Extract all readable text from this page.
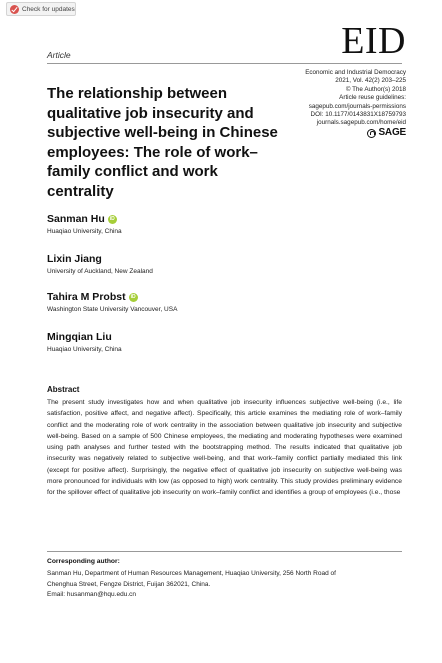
Check for updates
EID
Article
Economic and Industrial Democracy
2021, Vol. 42(2) 203–225
© The Author(s) 2018
Article reuse guidelines:
sagepub.com/journals-permissions
DOI: 10.1177/0143831X18759793
journals.sagepub.com/home/eid
SAGE
The relationship between qualitative job insecurity and subjective well-being in Chinese employees: The role of work–family conflict and work centrality
Sanman Hu	iD
Huaqiao University, China
Lixin Jiang
University of Auckland, New Zealand
Tahira M Probst	iD
Washington State University Vancouver, USA
Mingqian Liu
Huaqiao University, China
Abstract

The present study investigates how and when qualitative job insecurity influences subjective well-being (i.e., life satisfaction, positive affect, and negative affect). Specifically, this article examines the mediating role of work–family conflict and the moderating role of work centrality in the association between qualitative job insecurity and subjective well-being. Based on a sample of 500 Chinese employees, the mediating and moderating hypotheses were examined using path analyses and further tested with the bootstrapping method. The results indicated that qualitative job insecurity was negatively related to subjective well-being, and that work–family conflict partially mediated this link (except for positive affect). Surprisingly, the negative effect of qualitative job insecurity on subjective well-being was more pronounced for individuals with low (as opposed to high) work centrality. This study provides preliminary evidence for the spillover effect of qualitative job insecurity on work–family conflict and identifies a group of employees (i.e., those

Corresponding author:
Sanman Hu, Department of Human Resources Management, Huaqiao University, 256 North Road of
Chenghua Street, Fengze District, Fuijan 362021, China.
Email: husanman@hqu.edu.cn
